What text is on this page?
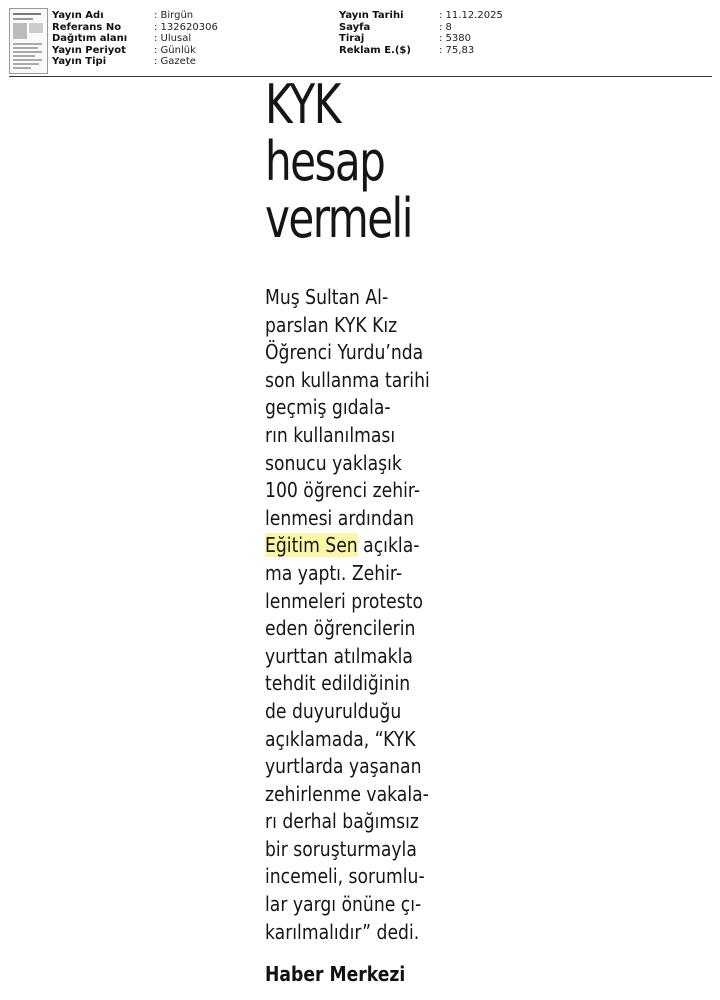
Yayın Adı	: Birgün
Referans No	: 132620306
Dağıtım alanı	: Ulusal
Yayın Periyot	: Günlük
Yayın Tipi	: Gazete
Yayın Tarihi	: 11.12.2025
Sayfa	: 8
Tiraj	: 5380
Reklam E.($)	: 75,83
KYK
hesap
vermeli
Muş Sultan Al-
parslan KYK Kız
Öğrenci Yurdu’nda
son kullanma tarihi
geçmiş gıdala-
rın kullanılması
sonucu yaklaşık
100 öğrenci zehir-
lenmesi ardından
Eğitim Sen açıkla-
ma yaptı. Zehir-
lenmeleri protesto
eden öğrencilerin
yurttan atılmakla
tehdit edildiğinin
de duyurulduğu
açıklamada, “KYK
yurtlarda yaşanan
zehirlenme vakala-
rı derhal bağımsız
bir soruşturmayla
incemeli, sorumlu-
lar yargı önüne çı-
karılmalıdır” dedi.

Haber Merkezi
